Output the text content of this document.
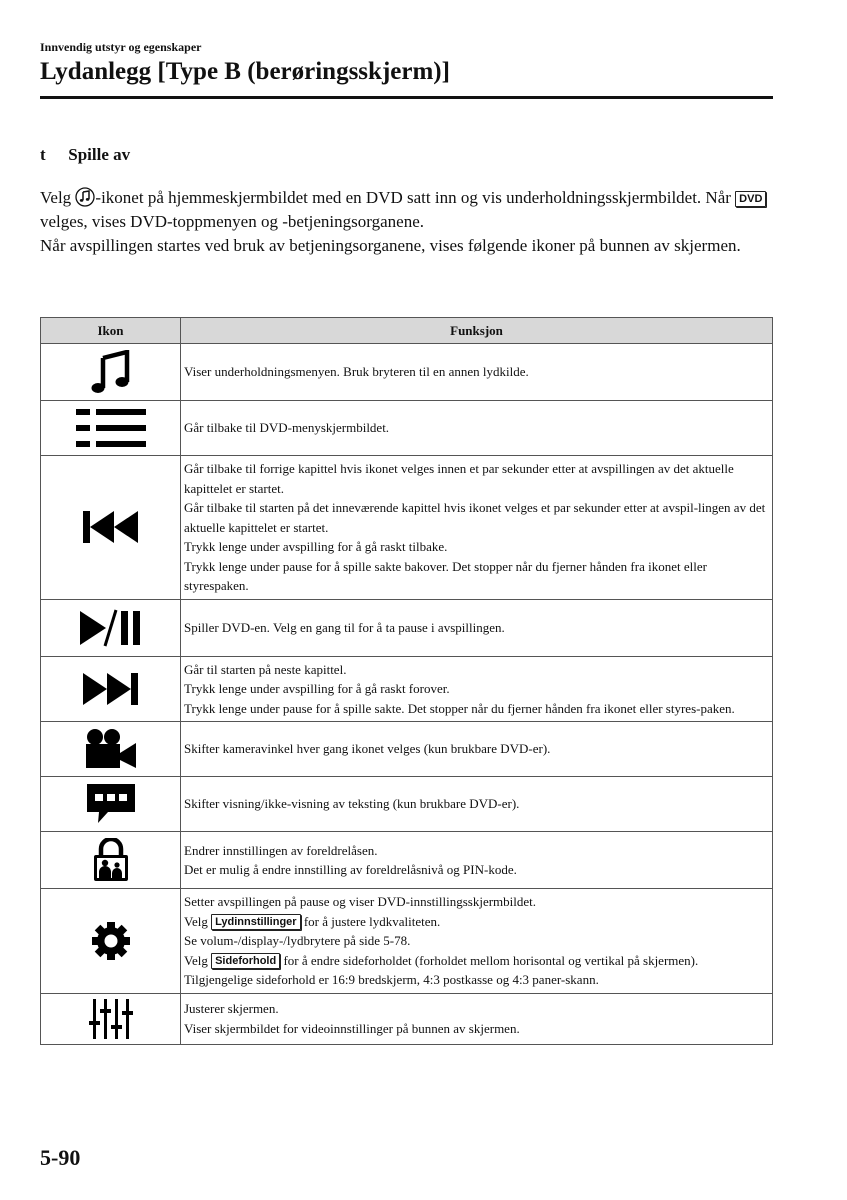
Innvendig utstyr og egenskaper
Lydanlegg [Type B (berøringsskjerm)]
t Spille av

Velg -ikonet på hjemmeskjermbildet med en DVD satt inn og vis underholdningsskjermbildet. Når DVD velges, vises DVD-toppmenyen og -betjeningsorganene.

Når avspillingen startes ved bruk av betjeningsorganene, vises følgende ikoner på bunnen av skjermen.

Ikon	Funksjon

Viser underholdningsmenyen. Bruk bryteren til en annen lydkilde.

Går tilbake til DVD-menyskjermbildet.

Går tilbake til forrige kapittel hvis ikonet velges innen et par sekunder etter at avspillingen av det aktuelle kapittelet er startet.
Går tilbake til starten på det inneværende kapittel hvis ikonet velges et par sekunder etter at avspil-lingen av det aktuelle kapittelet er startet.
Trykk lenge under avspilling for å gå raskt tilbake.
Trykk lenge under pause for å spille sakte bakover. Det stopper når du fjerner hånden fra ikonet eller styrespaken.

Spiller DVD-en. Velg en gang til for å ta pause i avspillingen.

Går til starten på neste kapittel.
Trykk lenge under avspilling for å gå raskt forover.
Trykk lenge under pause for å spille sakte. Det stopper når du fjerner hånden fra ikonet eller styres-paken.

Skifter kameravinkel hver gang ikonet velges (kun brukbare DVD-er).

Skifter visning/ikke-visning av teksting (kun brukbare DVD-er).

Endrer innstillingen av foreldrelåsen.
Det er mulig å endre innstilling av foreldrelåsnivå og PIN-kode.

Setter avspillingen på pause og viser DVD-innstillingsskjermbildet.
Velg Lydinnstillinger for å justere lydkvaliteten.
Se volum-/display-/lydbrytere på side 5-78.
Velg Sideforhold for å endre sideforholdet (forholdet mellom horisontal og vertikal på skjermen).
Tilgjengelige sideforhold er 16:9 bredskjerm, 4:3 postkasse og 4:3 paner-skann.

Justerer skjermen.
Viser skjermbildet for videoinnstillinger på bunnen av skjermen.
5-90
